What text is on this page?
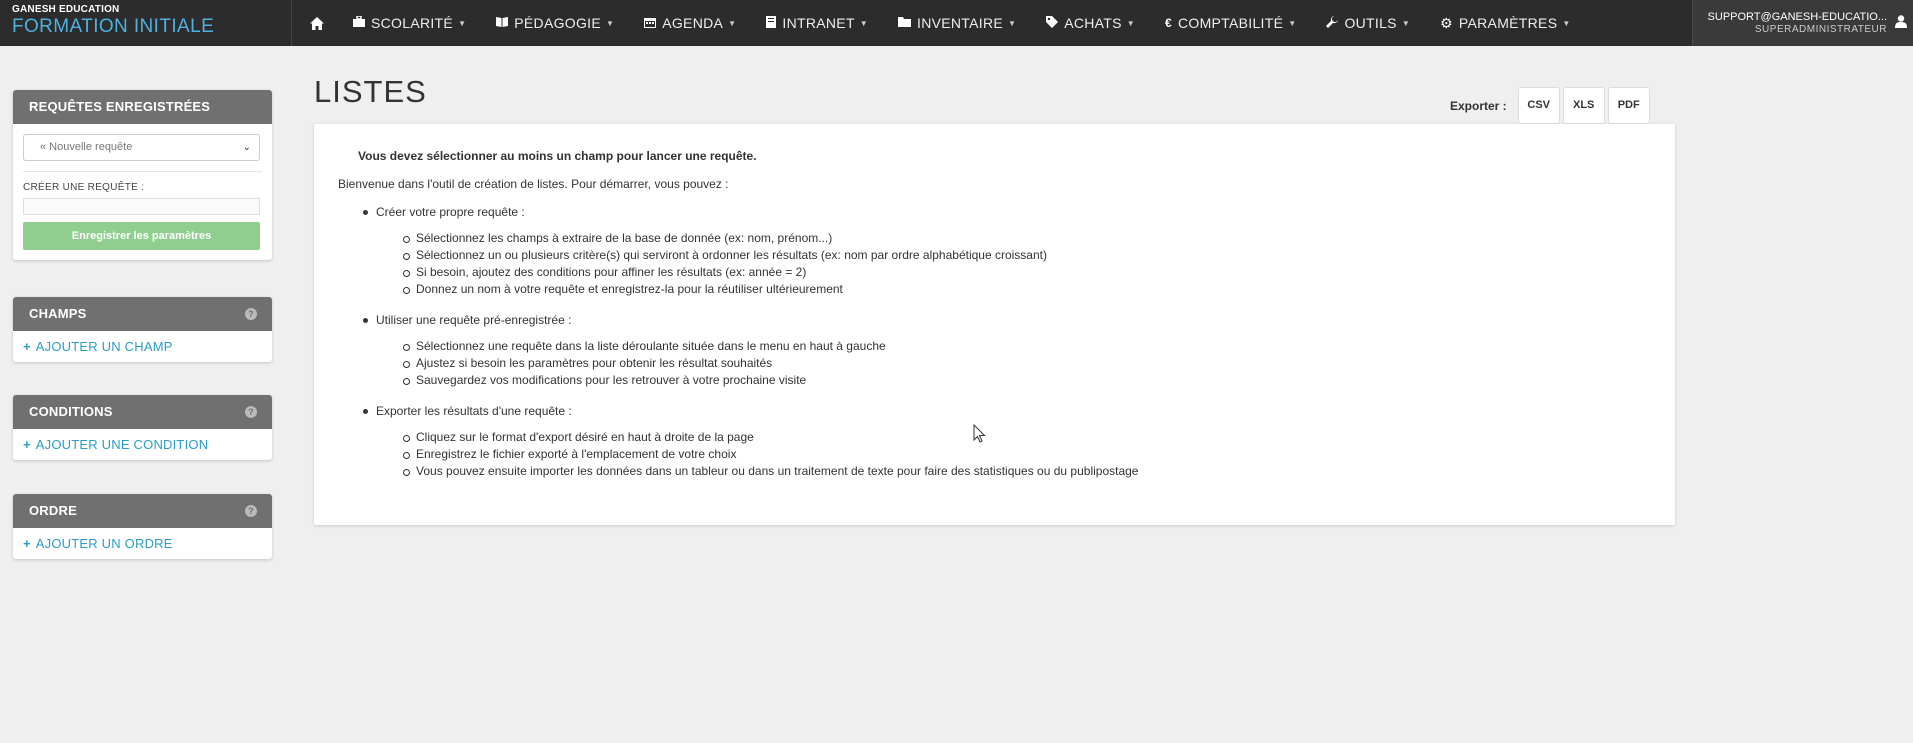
GANESH EDUCATION
FORMATION INITIALE	SCOLARITÉ ▼	PÉDAGOGIE ▼	AGENDA ▼	INTRANET ▼	INVENTAIRE ▼	ACHATS ▼	€ COMPTABILITÉ ▼	OUTILS ▼ ⚙ PARAMÈTRES ▼
SUPPORT@GANESH-EDUCATIO...
SUPERADMINISTRATEUR
REQUÊTES ENREGISTRÉES
« Nouvelle requête	⌄
CRÉER UNE REQUÊTE :
Enregistrer les paramètres
CHAMPS	?
+ AJOUTER UN CHAMP
CONDITIONS	?
+ AJOUTER UNE CONDITION
ORDRE	?
+ AJOUTER UN ORDRE
LISTES	Exporter :	CSV	XLS	PDF
Vous devez sélectionner au moins un champ pour lancer une requête.
Bienvenue dans l'outil de création de listes. Pour démarrer, vous pouvez :
Créer votre propre requête :
Sélectionnez les champs à extraire de la base de donnée (ex: nom, prénom...)
Sélectionnez un ou plusieurs critère(s) qui serviront à ordonner les résultats (ex: nom par ordre alphabétique croissant)
Si besoin, ajoutez des conditions pour affiner les résultats (ex: année = 2)
Donnez un nom à votre requête et enregistrez-la pour la réutiliser ultérieurement
Utiliser une requête pré-enregistrée :
Sélectionnez une requête dans la liste déroulante située dans le menu en haut à gauche
Ajustez si besoin les paramètres pour obtenir les résultat souhaités
Sauvegardez vos modifications pour les retrouver à votre prochaine visite
Exporter les résultats d'une requête :
Cliquez sur le format d'export désiré en haut à droite de la page
Enregistrez le fichier exporté à l'emplacement de votre choix
Vous pouvez ensuite importer les données dans un tableur ou dans un traitement de texte pour faire des statistiques ou du publipostage
